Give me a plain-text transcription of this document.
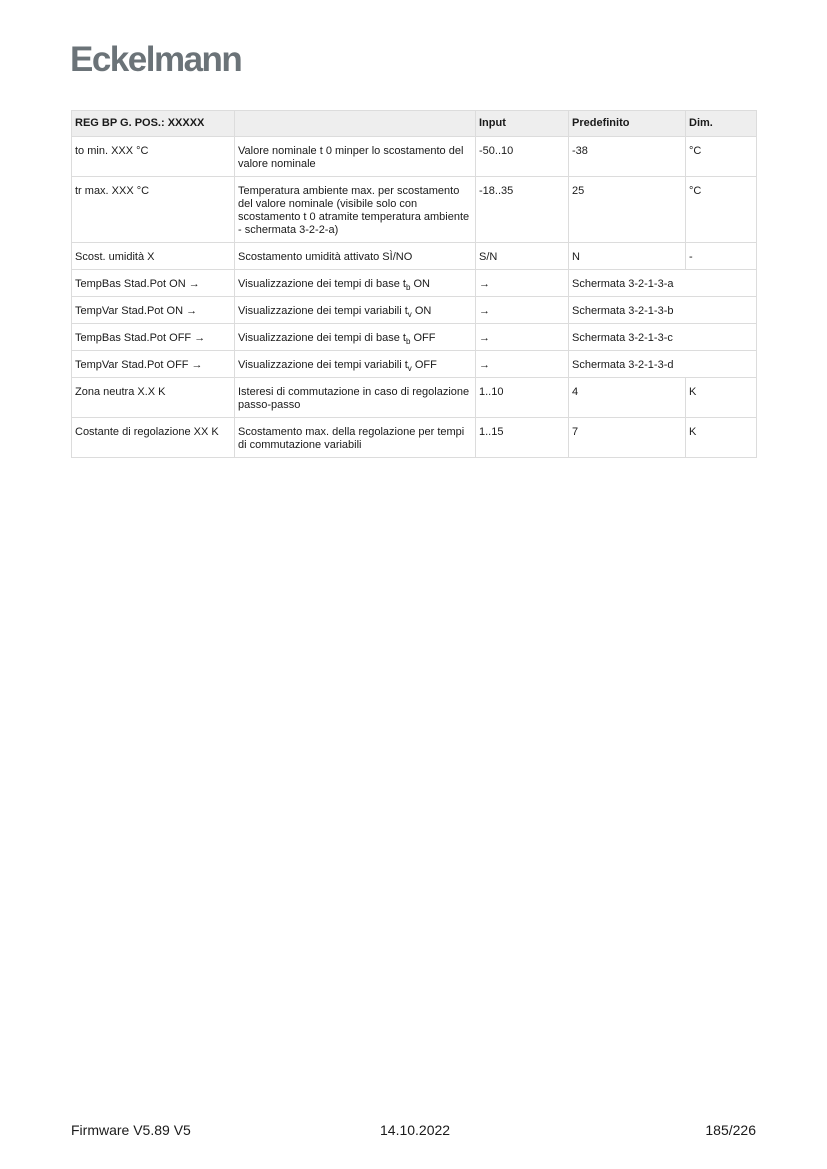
Eckelmann
REG BP G. POS.: XXXXX		Input	Predefinito	Dim.
to min. XXX °C	Valore nominale t 0 minper lo scostamento del valore nominale	-50..10	-38	°C
tr max. XXX °C	Temperatura ambiente max. per scostamento del valore nominale (visibile solo con scostamento t 0 atramite temperatura ambiente - schermata 3-2-2-a)	-18..35	25	°C
Scost. umidità X	Scostamento umidità attivato SÌ/NO	S/N	N	-
TempBas Stad.Pot ON →	Visualizzazione dei tempi di base $t_b$ ON	→	Schermata 3-2-1-3-a	
TempVar Stad.Pot ON →	Visualizzazione dei tempi variabili $t_v$ ON	→	Schermata 3-2-1-3-b	
TempBas Stad.Pot OFF →	Visualizzazione dei tempi di base $t_b$ OFF	→	Schermata 3-2-1-3-c	
TempVar Stad.Pot OFF →	Visualizzazione dei tempi variabili $t_v$ OFF	→	Schermata 3-2-1-3-d	
Zona neutra X.X K	Isteresi di commutazione in caso di regolazione passo-passo	1..10	4	K
Costante di regolazione XX K	Scostamento max. della regolazione per tempi di commutazione variabili	1..15	7	K
Firmware V5.89 V5	14.10.2022	185/226
